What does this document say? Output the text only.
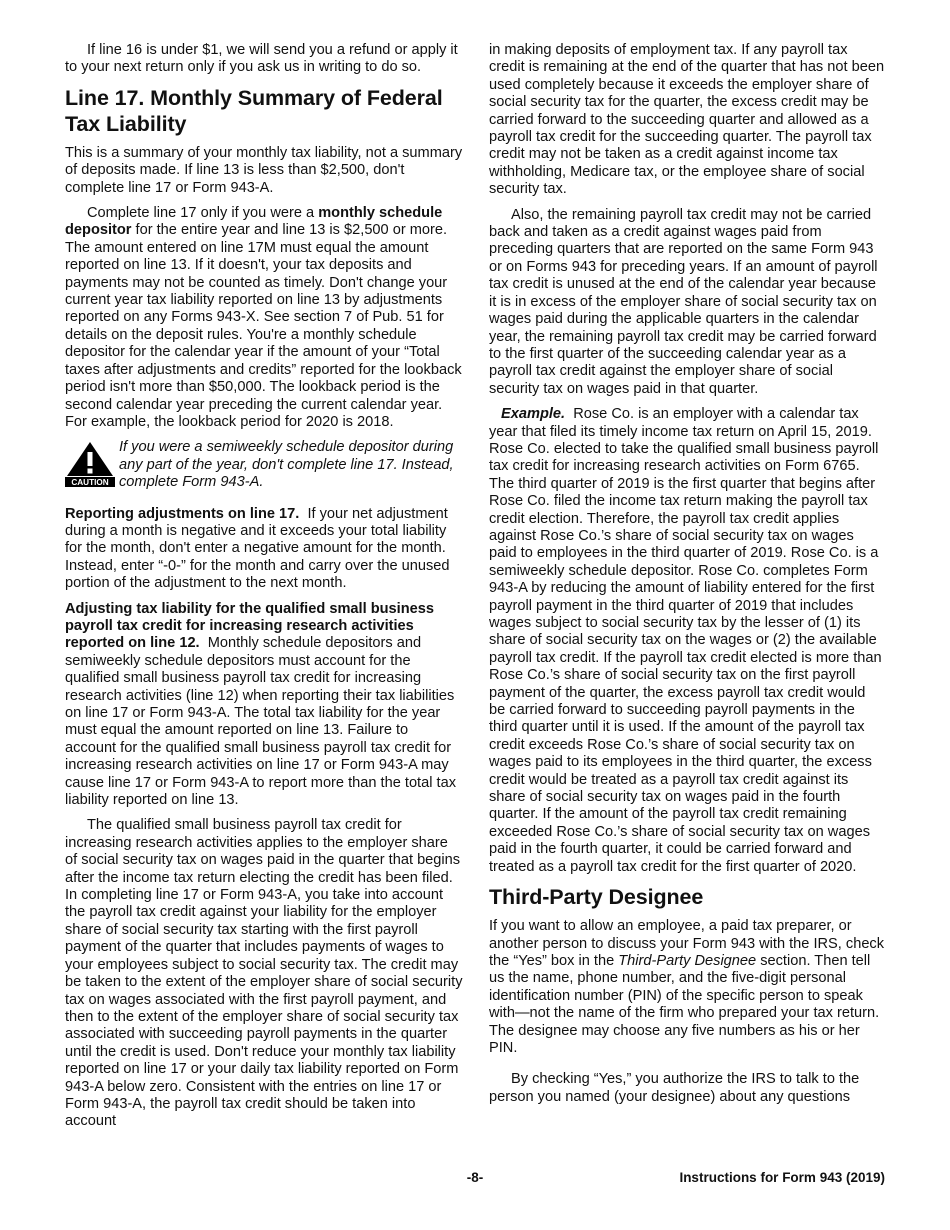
If line 16 is under $1, we will send you a refund or apply it to your next return only if you ask us in writing to do so.

Line 17. Monthly Summary of Federal Tax Liability

This is a summary of your monthly tax liability, not a summary of deposits made. If line 13 is less than $2,500, don't complete line 17 or Form 943-A.

Complete line 17 only if you were a monthly schedule depositor for the entire year and line 13 is $2,500 or more. The amount entered on line 17M must equal the amount reported on line 13. If it doesn't, your tax deposits and payments may not be counted as timely. Don't change your current year tax liability reported on line 13 by adjustments reported on any Forms 943-X. See section 7 of Pub. 51 for details on the deposit rules. You're a monthly schedule depositor for the calendar year if the amount of your “Total taxes after adjustments and credits” reported for the lookback period isn't more than $50,000. The lookback period is the second calendar year preceding the current calendar year. For example, the lookback period for 2020 is 2018.

CAUTION
If you were a semiweekly schedule depositor during any part of the year, don't complete line 17. Instead, complete Form 943-A.

Reporting adjustments on line 17. If your net adjustment during a month is negative and it exceeds your total liability for the month, don't enter a negative amount for the month. Instead, enter “-0-” for the month and carry over the unused portion of the adjustment to the next month.

Adjusting tax liability for the qualified small business payroll tax credit for increasing research activities reported on line 12. Monthly schedule depositors and semiweekly schedule depositors must account for the qualified small business payroll tax credit for increasing research activities (line 12) when reporting their tax liabilities on line 17 or Form 943-A. The total tax liability for the year must equal the amount reported on line 13. Failure to account for the qualified small business payroll tax credit for increasing research activities on line 17 or Form 943-A may cause line 17 or Form 943-A to report more than the total tax liability reported on line 13.

The qualified small business payroll tax credit for increasing research activities applies to the employer share of social security tax on wages paid in the quarter that begins after the income tax return electing the credit has been filed. In completing line 17 or Form 943-A, you take into account the payroll tax credit against your liability for the employer share of social security tax starting with the first payroll payment of the quarter that includes payments of wages to your employees subject to social security tax. The credit may be taken to the extent of the employer share of social security tax on wages associated with the first payroll payment, and then to the extent of the employer share of social security tax associated with succeeding payroll payments in the quarter until the credit is used. Don't reduce your monthly tax liability reported on line 17 or your daily tax liability reported on Form 943-A below zero. Consistent with the entries on line 17 or Form 943-A, the payroll tax credit should be taken into account

in making deposits of employment tax. If any payroll tax credit is remaining at the end of the quarter that has not been used completely because it exceeds the employer share of social security tax for the quarter, the excess credit may be carried forward to the succeeding quarter and allowed as a payroll tax credit for the succeeding quarter. The payroll tax credit may not be taken as a credit against income tax withholding, Medicare tax, or the employee share of social security tax.

Also, the remaining payroll tax credit may not be carried back and taken as a credit against wages paid from preceding quarters that are reported on the same Form 943 or on Forms 943 for preceding years. If an amount of payroll tax credit is unused at the end of the calendar year because it is in excess of the employer share of social security tax on wages paid during the applicable quarters in the calendar year, the remaining payroll tax credit may be carried forward to the first quarter of the succeeding calendar year as a payroll tax credit against the employer share of social security tax on wages paid in that quarter.

Example. Rose Co. is an employer with a calendar tax year that filed its timely income tax return on April 15, 2019. Rose Co. elected to take the qualified small business payroll tax credit for increasing research activities on Form 6765. The third quarter of 2019 is the first quarter that begins after Rose Co. filed the income tax return making the payroll tax credit election. Therefore, the payroll tax credit applies against Rose Co.’s share of social security tax on wages paid to employees in the third quarter of 2019. Rose Co. is a semiweekly schedule depositor. Rose Co. completes Form 943-A by reducing the amount of liability entered for the first payroll payment in the third quarter of 2019 that includes wages subject to social security tax by the lesser of (1) its share of social security tax on the wages or (2) the available payroll tax credit. If the payroll tax credit elected is more than Rose Co.’s share of social security tax on the first payroll payment of the quarter, the excess payroll tax credit would be carried forward to succeeding payroll payments in the third quarter until it is used. If the amount of the payroll tax credit exceeds Rose Co.’s share of social security tax on wages paid to its employees in the third quarter, the excess credit would be treated as a payroll tax credit against its share of social security tax on wages paid in the fourth quarter. If the amount of the payroll tax credit remaining exceeded Rose Co.’s share of social security tax on wages paid in the fourth quarter, it could be carried forward and treated as a payroll tax credit for the first quarter of 2020.

Third-Party Designee

If you want to allow an employee, a paid tax preparer, or another person to discuss your Form 943 with the IRS, check the “Yes” box in the Third-Party Designee section. Then tell us the name, phone number, and the five-digit personal identification number (PIN) of the specific person to speak with—not the name of the firm who prepared your tax return. The designee may choose any five numbers as his or her PIN.

By checking “Yes,” you authorize the IRS to talk to the person you named (your designee) about any questions

-8-	Instructions for Form 943 (2019)
